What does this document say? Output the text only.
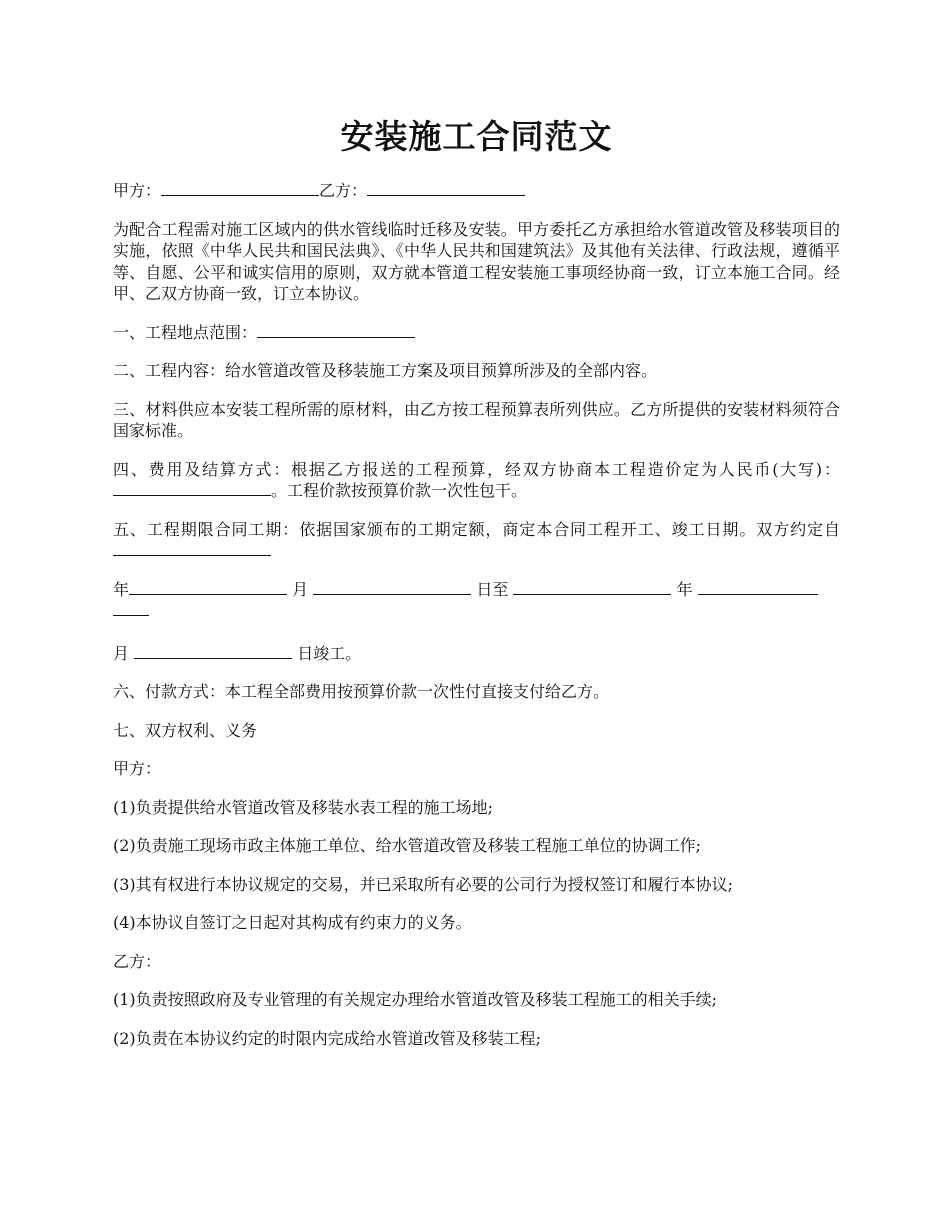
安装施工合同范文

甲方：	乙方：

为配合工程需对施工区域内的供水管线临时迁移及安装。甲方委托乙方承担给水管道改管及移装项目的实施，依照《中华人民共和国民法典》、《中华人民共和国建筑法》及其他有关法律、行政法规，遵循平等、自愿、公平和诚实信用的原则，双方就本管道工程安装施工事项经协商一致，订立本施工合同。经甲、乙双方协商一致，订立本协议。

一、工程地点范围：

二、工程内容：给水管道改管及移装施工方案及项目预算所涉及的全部内容。

三、材料供应本安装工程所需的原材料，由乙方按工程预算表所列供应。乙方所提供的安装材料须符合国家标准。

四、费用及结算方式：根据乙方报送的工程预算，经双方协商本工程造价定为人民币(大写)：。工程价款按预算价款一次性包干。

五、工程期限合同工期：依据国家颁布的工期定额，商定本合同工程开工、竣工日期。双方约定自

年	月	日至	年

月	日竣工。

六、付款方式：本工程全部费用按预算价款一次性付直接支付给乙方。

七、双方权利、义务

甲方：

(1)负责提供给水管道改管及移装水表工程的施工场地;

(2)负责施工现场市政主体施工单位、给水管道改管及移装工程施工单位的协调工作;

(3)其有权进行本协议规定的交易，并已采取所有必要的公司行为授权签订和履行本协议;

(4)本协议自签订之日起对其构成有约束力的义务。

乙方：

(1)负责按照政府及专业管理的有关规定办理给水管道改管及移装工程施工的相关手续;

(2)负责在本协议约定的时限内完成给水管道改管及移装工程;
